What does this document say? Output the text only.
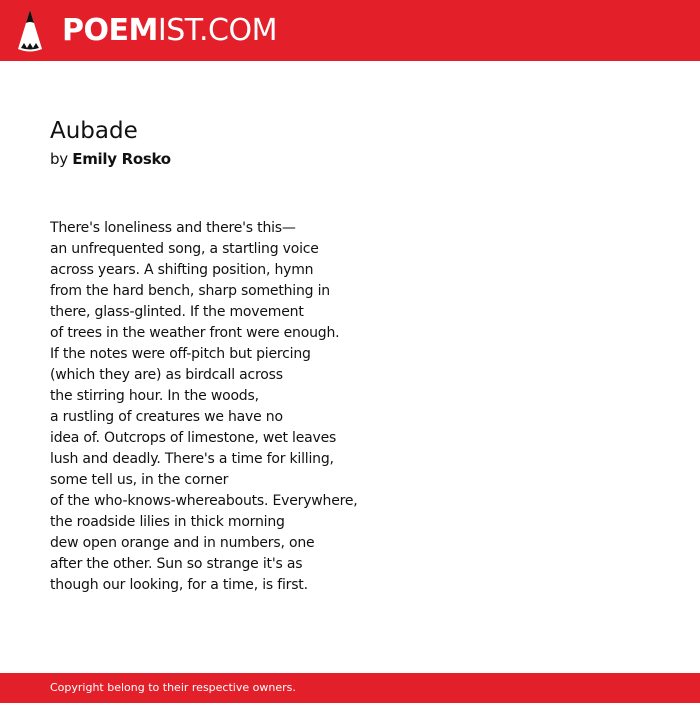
POEMIST.COM
Aubade

by Emily Rosko

There's loneliness and there's this—
an unfrequented song, a startling voice
across years. A shifting position, hymn
from the hard bench, sharp something in
there, glass-glinted. If the movement
of trees in the weather front were enough.
If the notes were off-pitch but piercing
(which they are) as birdcall across
the stirring hour. In the woods,
a rustling of creatures we have no
idea of. Outcrops of limestone, wet leaves
lush and deadly. There's a time for killing,
some tell us, in the corner
of the who-knows-whereabouts. Everywhere,
the roadside lilies in thick morning
dew open orange and in numbers, one
after the other. Sun so strange it's as
though our looking, for a time, is first.
Copyright belong to their respective owners.
